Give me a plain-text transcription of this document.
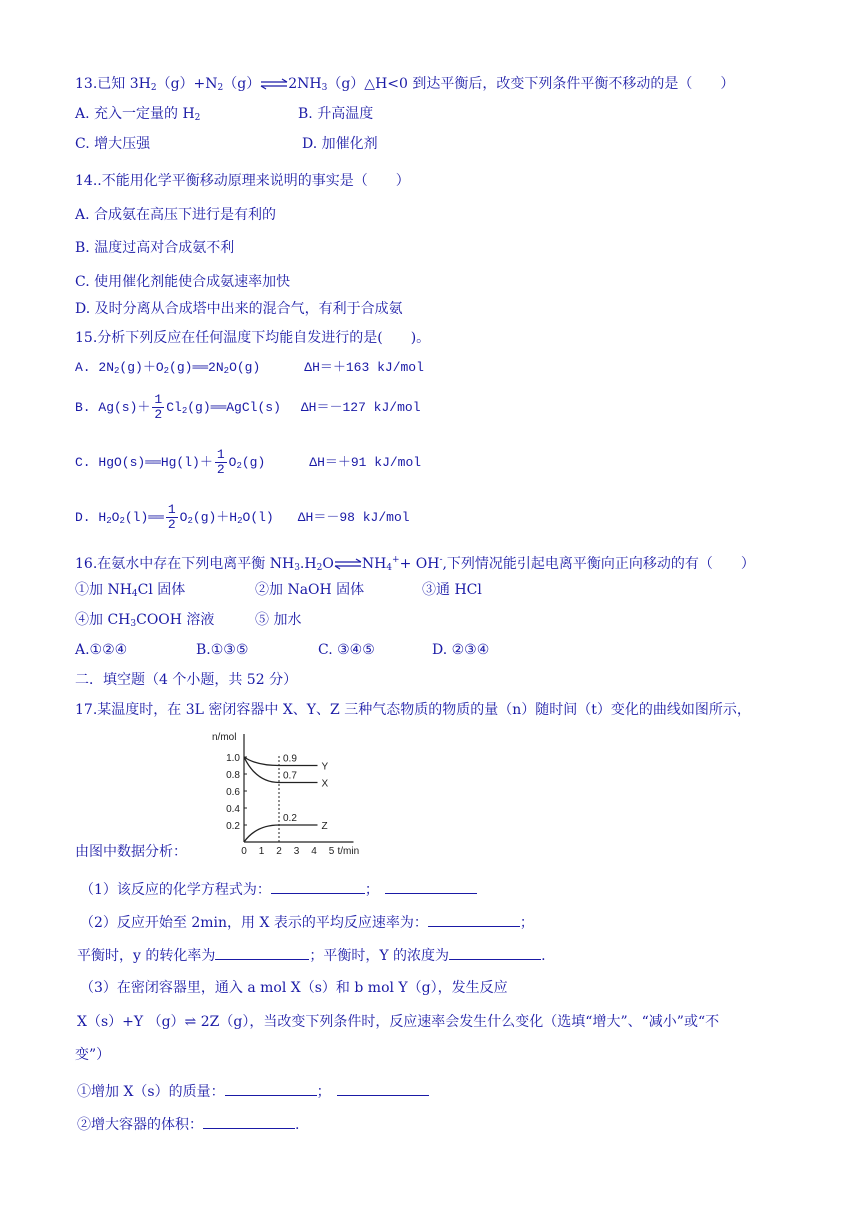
13.已知 $3H_2(g)+N_2(g)\rightleftharpoons 2NH_3(g)\triangle H<0$ 到达平衡后，改变下列条件平衡不移动的是（　　）
A. 充入一定量的 $H_2$	B. 升高温度
C. 增大压强	D. 加催化剂
14..不能用化学平衡移动原理来说明的事实是（　　）
A. 合成氨在高压下进行是有利的
B. 温度过高对合成氨不利
C. 使用催化剂能使合成氨速率加快
D. 及时分离从合成塔中出来的混合气，有利于合成氨
15.分析下列反应在任何温度下均能自发进行的是(　　)。
A. $2N_2(g)+O_2(g)══2N_2O(g)$	ΔH＝＋163 kJ/mol
B. $Ag(s)+ \frac{1}{2}$ $Cl_2(g)══AgCl(s)$ ΔH＝－127 kJ/mol
C. HgO(s)══Hg(l)＋ $\frac{1}{2} O_2(g)$	ΔH＝＋91 kJ/mol
D. $H_2O_2(l)══ \frac{1}{2} O_2(g)+H_2O(l)$ ΔH＝－98 kJ/mol
16.在氨水中存在下列电离平衡 $NH_3.H_2O\rightleftharpoons NH_4^++ OH^-$,下列情况能引起电离平衡向正向移动的有（　　）
①加 $NH_4Cl$ 固体	②加 NaOH 固体	③通 HCl
④加 $CH_3COOH$ 溶液	⑤ 加水
A.①②④	B.①③⑤	C. ③④⑤	D. ②③④
二．填空题（4 个小题，共 52 分）
17.某温度时，在 3L 密闭容器中 X、Y、Z 三种气态物质的物质的量（n）随时间（t）变化的曲线如图所示，
n/mol
t/min
0.2
0.4
0.6
0.8
1.0
0 1 2 3 4 5
0.9
Y
0.7
X
0.2
Z
由图中数据分析：
（1）该反应的化学方程式为：	；
（2）反应开始至 2min，用 X 表示的平均反应速率为：	；
平衡时，y 的转化率为	；平衡时，Y 的浓度为	.
（3）在密闭容器里，通入 a mol X（s）和 b mol Y（g），发生反应
X（s）+Y （g）⇌ 2Z（g），当改变下列条件时，反应速率会发生什么变化（选填“增大”、“减小”或“不
变”）
①增加 X（s）的质量：	；
②增大容器的体积：	.
